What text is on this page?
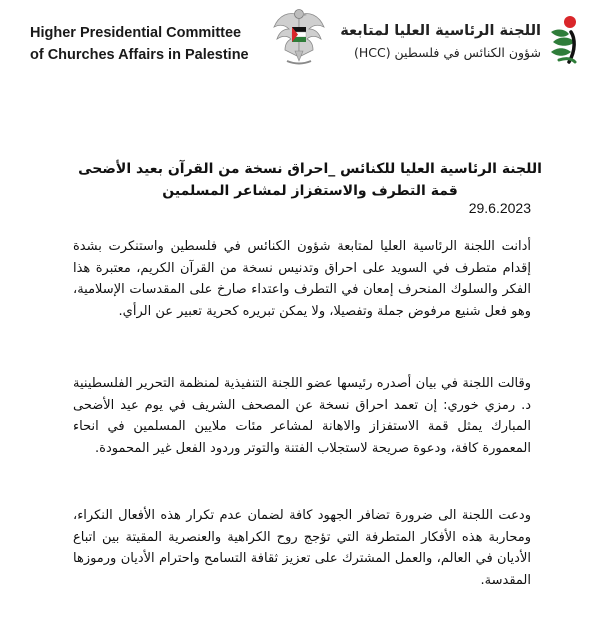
Higher Presidential Committee
of Churches Affairs in Palestine
اللجنة الرئاسية العليا لمتابعة
شؤون الكنائس في فلسطين (HCC)
اللجنة الرئاسية العليا للكنائس _احراق نسخة من القرآن بعيد الأضحى
قمة التطرف والاستفزاز لمشاعر المسلمين
29.6.2023

أدانت اللجنة الرئاسية العليا لمتابعة شؤون الكنائس في فلسطين واستنكرت بشدة إقدام متطرف في السويد على احراق وتدنيس نسخة من القرآن الكريم، معتبرة هذا الفكر والسلوك المنحرف إمعان في التطرف واعتداء صارخ على المقدسات الإسلامية، وهو فعل شنيع مرفوض جملة وتفصيلا، ولا يمكن تبريره كحرية تعبير عن الرأي.

وقالت اللجنة في بيان أصدره رئيسها عضو اللجنة التنفيذية لمنظمة التحرير الفلسطينية د. رمزي خوري: إن تعمد احراق نسخة عن المصحف الشريف في يوم عيد الأضحى المبارك يمثل قمة الاستفزاز والاهانة لمشاعر مئات ملايين المسلمين في انحاء المعمورة كافة، ودعوة صريحة لاستجلاب الفتنة والتوتر وردود الفعل غير المحمودة.

ودعت اللجنة الى ضرورة تضافر الجهود كافة لضمان عدم تكرار هذه الأفعال النكراء، ومحاربة هذه الأفكار المتطرفة التي تؤجج روح الكراهية والعنصرية المقيتة بين اتباع الأديان في العالم، والعمل المشترك على تعزيز ثقافة التسامح واحترام الأديان ورموزها المقدسة.
